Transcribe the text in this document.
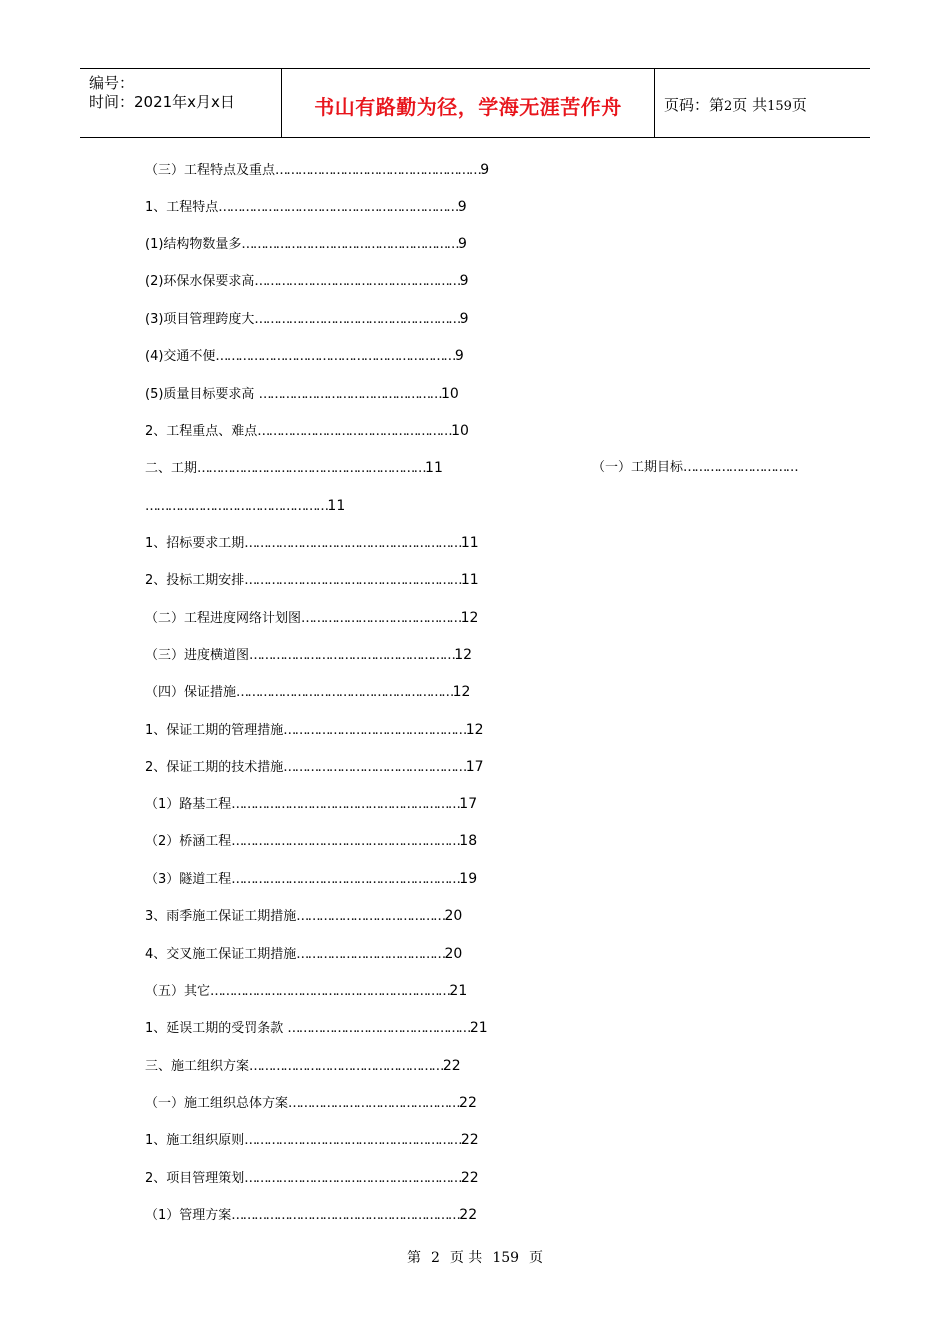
编号：
时间：2021年x月x日	书山有路勤为径，学海无涯苦作舟	页码：第2页 共159页
（三）工程特点及重点………………………………………………9
1、工程特点………………………………………………………9
(1)结构物数量多…………………………………………………9
(2)环保水保要求高………………………………………………9
(3)项目管理跨度大………………………………………………9
(4)交通不便………………………………………………………9
(5)质量目标要求高 …………………………………………10
2、工程重点、难点……………………………………………10
二、工期……………………………………………………11	（一）工期目标…………………………
…………………………………………11
1、招标要求工期…………………………………………………11
2、投标工期安排…………………………………………………11
（二）工程进度网络计划图……………………………………12
（三）进度横道图………………………………………………12
（四）保证措施…………………………………………………12
1、保证工期的管理措施…………………………………………12
2、保证工期的技术措施…………………………………………17
（1）路基工程……………………………………………………17
（2）桥涵工程……………………………………………………18
（3）隧道工程……………………………………………………19
3、雨季施工保证工期措施…………………………………20
4、交叉施工保证工期措施…………………………………20
（五）其它………………………………………………………21
1、延误工期的受罚条款 …………………………………………21
三、施工组织方案……………………………………………22
（一）施工组织总体方案………………………………………22
1、施工组织原则…………………………………………………22
2、项目管理策划…………………………………………………22
（1）管理方案……………………………………………………22
第 2 页 共 159 页
